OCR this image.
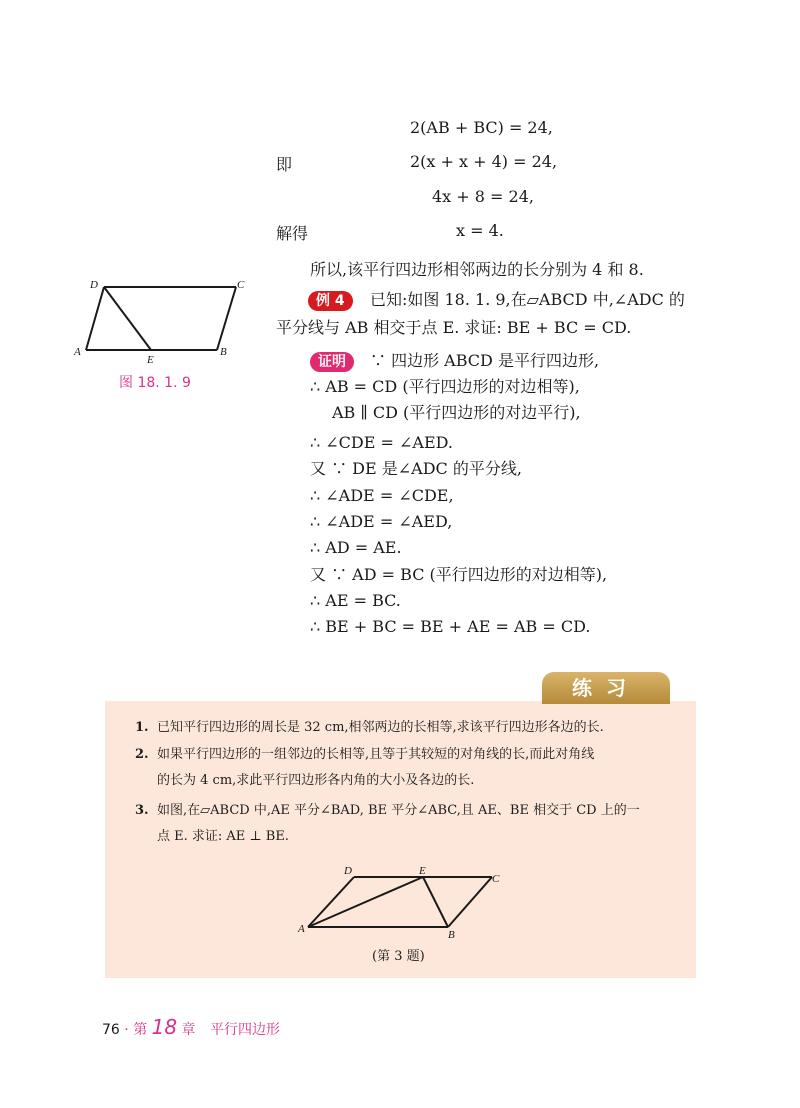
2(AB + BC) = 24,
即	2(x + x + 4) = 24,
4x + 8 = 24,
解得	x = 4.
所以,该平行四边形相邻两边的长分别为 4 和 8.
D	C
A
E
B
图 18. 1. 9
例 4	已知:如图 18. 1. 9,在▱ABCD 中,∠ADC 的
平分线与 AB 相交于点 E. 求证: BE + BC = CD.
证明	∵ 四边形 ABCD 是平行四边形,
∴ AB = CD (平行四边形的对边相等),
AB ∥ CD (平行四边形的对边平行),
∴ ∠CDE = ∠AED.
又 ∵ DE 是∠ADC 的平分线,
∴ ∠ADE = ∠CDE,
∴ ∠ADE = ∠AED,
∴ AD = AE.
又 ∵ AD = BC (平行四边形的对边相等),
∴ AE = BC.
∴ BE + BC = BE + AE = AB = CD.
练习
1. 已知平行四边形的周长是 32 cm,相邻两边的长相等,求该平行四边形各边的长.
2. 如果平行四边形的一组邻边的长相等,且等于其较短的对角线的长,而此对角线
的长为 4 cm,求此平行四边形各内角的大小及各边的长.
3. 如图,在▱ABCD 中,AE 平分∠BAD, BE 平分∠ABC,且 AE、BE 相交于 CD 上的一
点 E. 求证: AE ⊥ BE.
D	E
C
A	B
(第 3 题)
76 · 第 18 章 平行四边形
